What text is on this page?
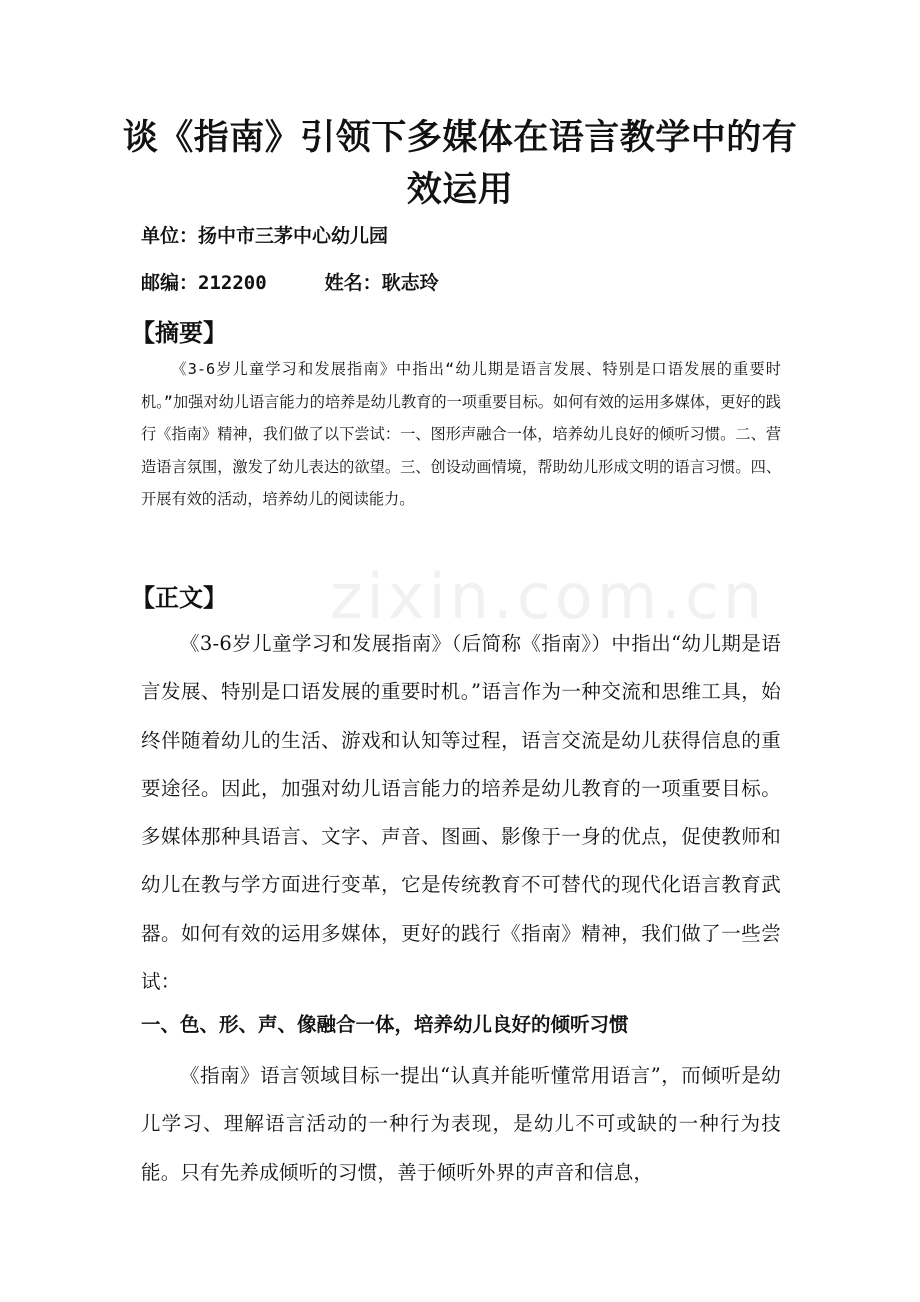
zixin.com.cn
谈《指南》引领下多媒体在语言教学中的有效运用

单位：扬中市三茅中心幼儿园

邮编：212200	姓名：耿志玲

【摘要】

《3-6岁儿童学习和发展指南》中指出“幼儿期是语言发展、特别是口语发展的重要时机。”加强对幼儿语言能力的培养是幼儿教育的一项重要目标。如何有效的运用多媒体，更好的践行《指南》精神，我们做了以下尝试：一、图形声融合一体，培养幼儿良好的倾听习惯。二、营造语言氛围，激发了幼儿表达的欲望。三、创设动画情境，帮助幼儿形成文明的语言习惯。四、开展有效的活动，培养幼儿的阅读能力。

【正文】

《3-6岁儿童学习和发展指南》（后简称《指南》）中指出“幼儿期是语言发展、特别是口语发展的重要时机。”语言作为一种交流和思维工具，始终伴随着幼儿的生活、游戏和认知等过程，语言交流是幼儿获得信息的重要途径。因此，加强对幼儿语言能力的培养是幼儿教育的一项重要目标。多媒体那种具语言、文字、声音、图画、影像于一身的优点，促使教师和幼儿在教与学方面进行变革，它是传统教育不可替代的现代化语言教育武器。如何有效的运用多媒体，更好的践行《指南》精神，我们做了一些尝试：

一、色、形、声、像融合一体，培养幼儿良好的倾听习惯

《指南》语言领域目标一提出“认真并能听懂常用语言”，而倾听是幼儿学习、理解语言活动的一种行为表现，是幼儿不可或缺的一种行为技能。只有先养成倾听的习惯，善于倾听外界的声音和信息，
